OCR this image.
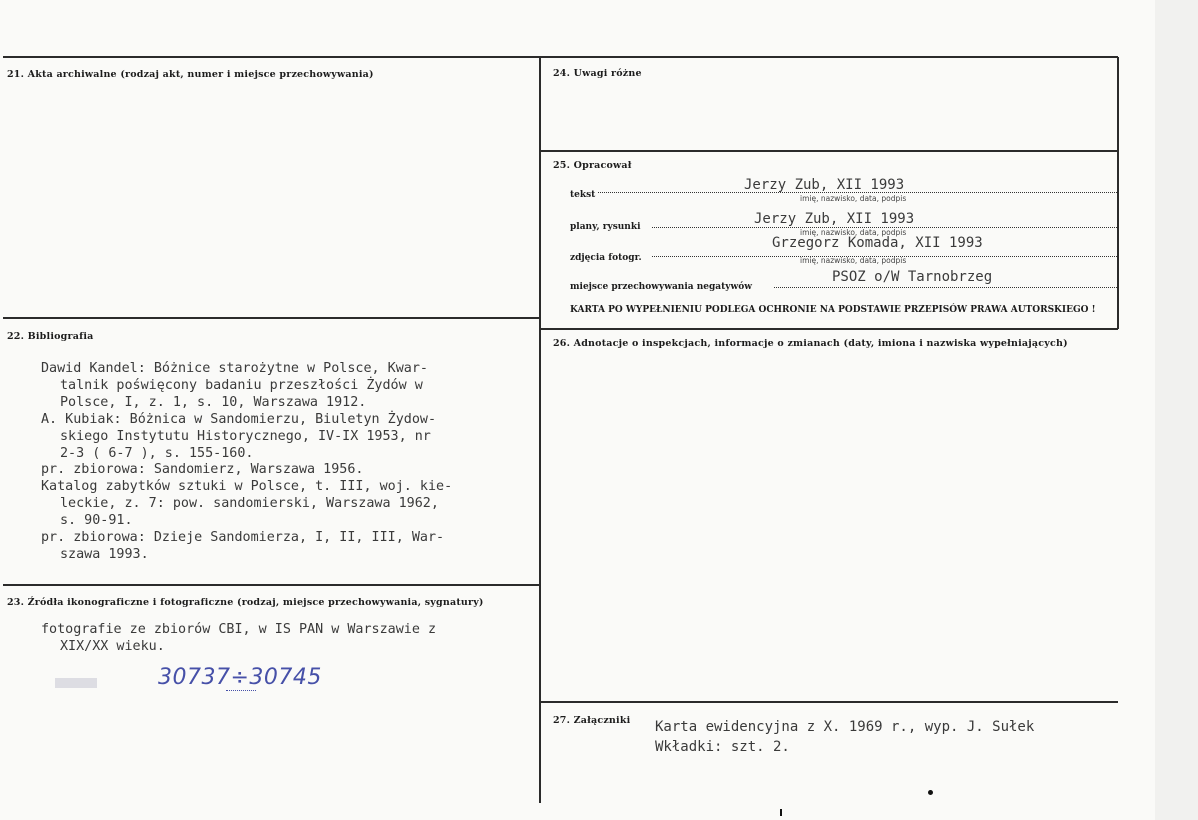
21. Akta archiwalne (rodzaj akt, numer i miejsce przechowywania)
22. Bibliografia
23. Źródła ikonograficzne i fotograficzne (rodzaj, miejsce przechowywania, sygnatury)
24. Uwagi różne
25. Opracował
26. Adnotacje o inspekcjach, informacje o zmianach (daty, imiona i nazwiska wypełniających)
27. Załączniki
Dawid Kandel: Bóżnice starożytne w Polsce, Kwar-
talnik poświęcony badaniu przeszłości Żydów w
Polsce, I, z. 1, s. 10, Warszawa 1912.
A. Kubiak: Bóżnica w Sandomierzu, Biuletyn Żydow-
skiego Instytutu Historycznego, IV-IX 1953, nr
2-3 ( 6-7 ), s. 155-160.
pr. zbiorowa: Sandomierz, Warszawa 1956.
Katalog zabytków sztuki w Polsce, t. III, woj. kie-
leckie, z. 7: pow. sandomierski, Warszawa 1962,
s. 90-91.
pr. zbiorowa: Dzieje Sandomierza, I, II, III, War-
szawa 1993.
fotografie ze zbiorów CBI, w IS PAN w Warszawie z
XIX/XX wieku.
30737÷30745
tekst
Jerzy Zub, XII 1993
imię, nazwisko, data, podpis
plany, rysunki	Jerzy Zub, XII 1993
imię, nazwisko, data, podpis
zdjęcia fotogr.
Grzegorz Komada, XII 1993
imię, nazwisko, data, podpis
miejsce przechowywania negatywów
PSOZ o/W Tarnobrzeg
KARTA PO WYPEŁNIENIU PODLEGA OCHRONIE NA PODSTAWIE PRZEPISÓW PRAWA AUTORSKIEGO !
Karta ewidencyjna z X. 1969 r., wyp. J. Sułek
Wkładki: szt. 2.
